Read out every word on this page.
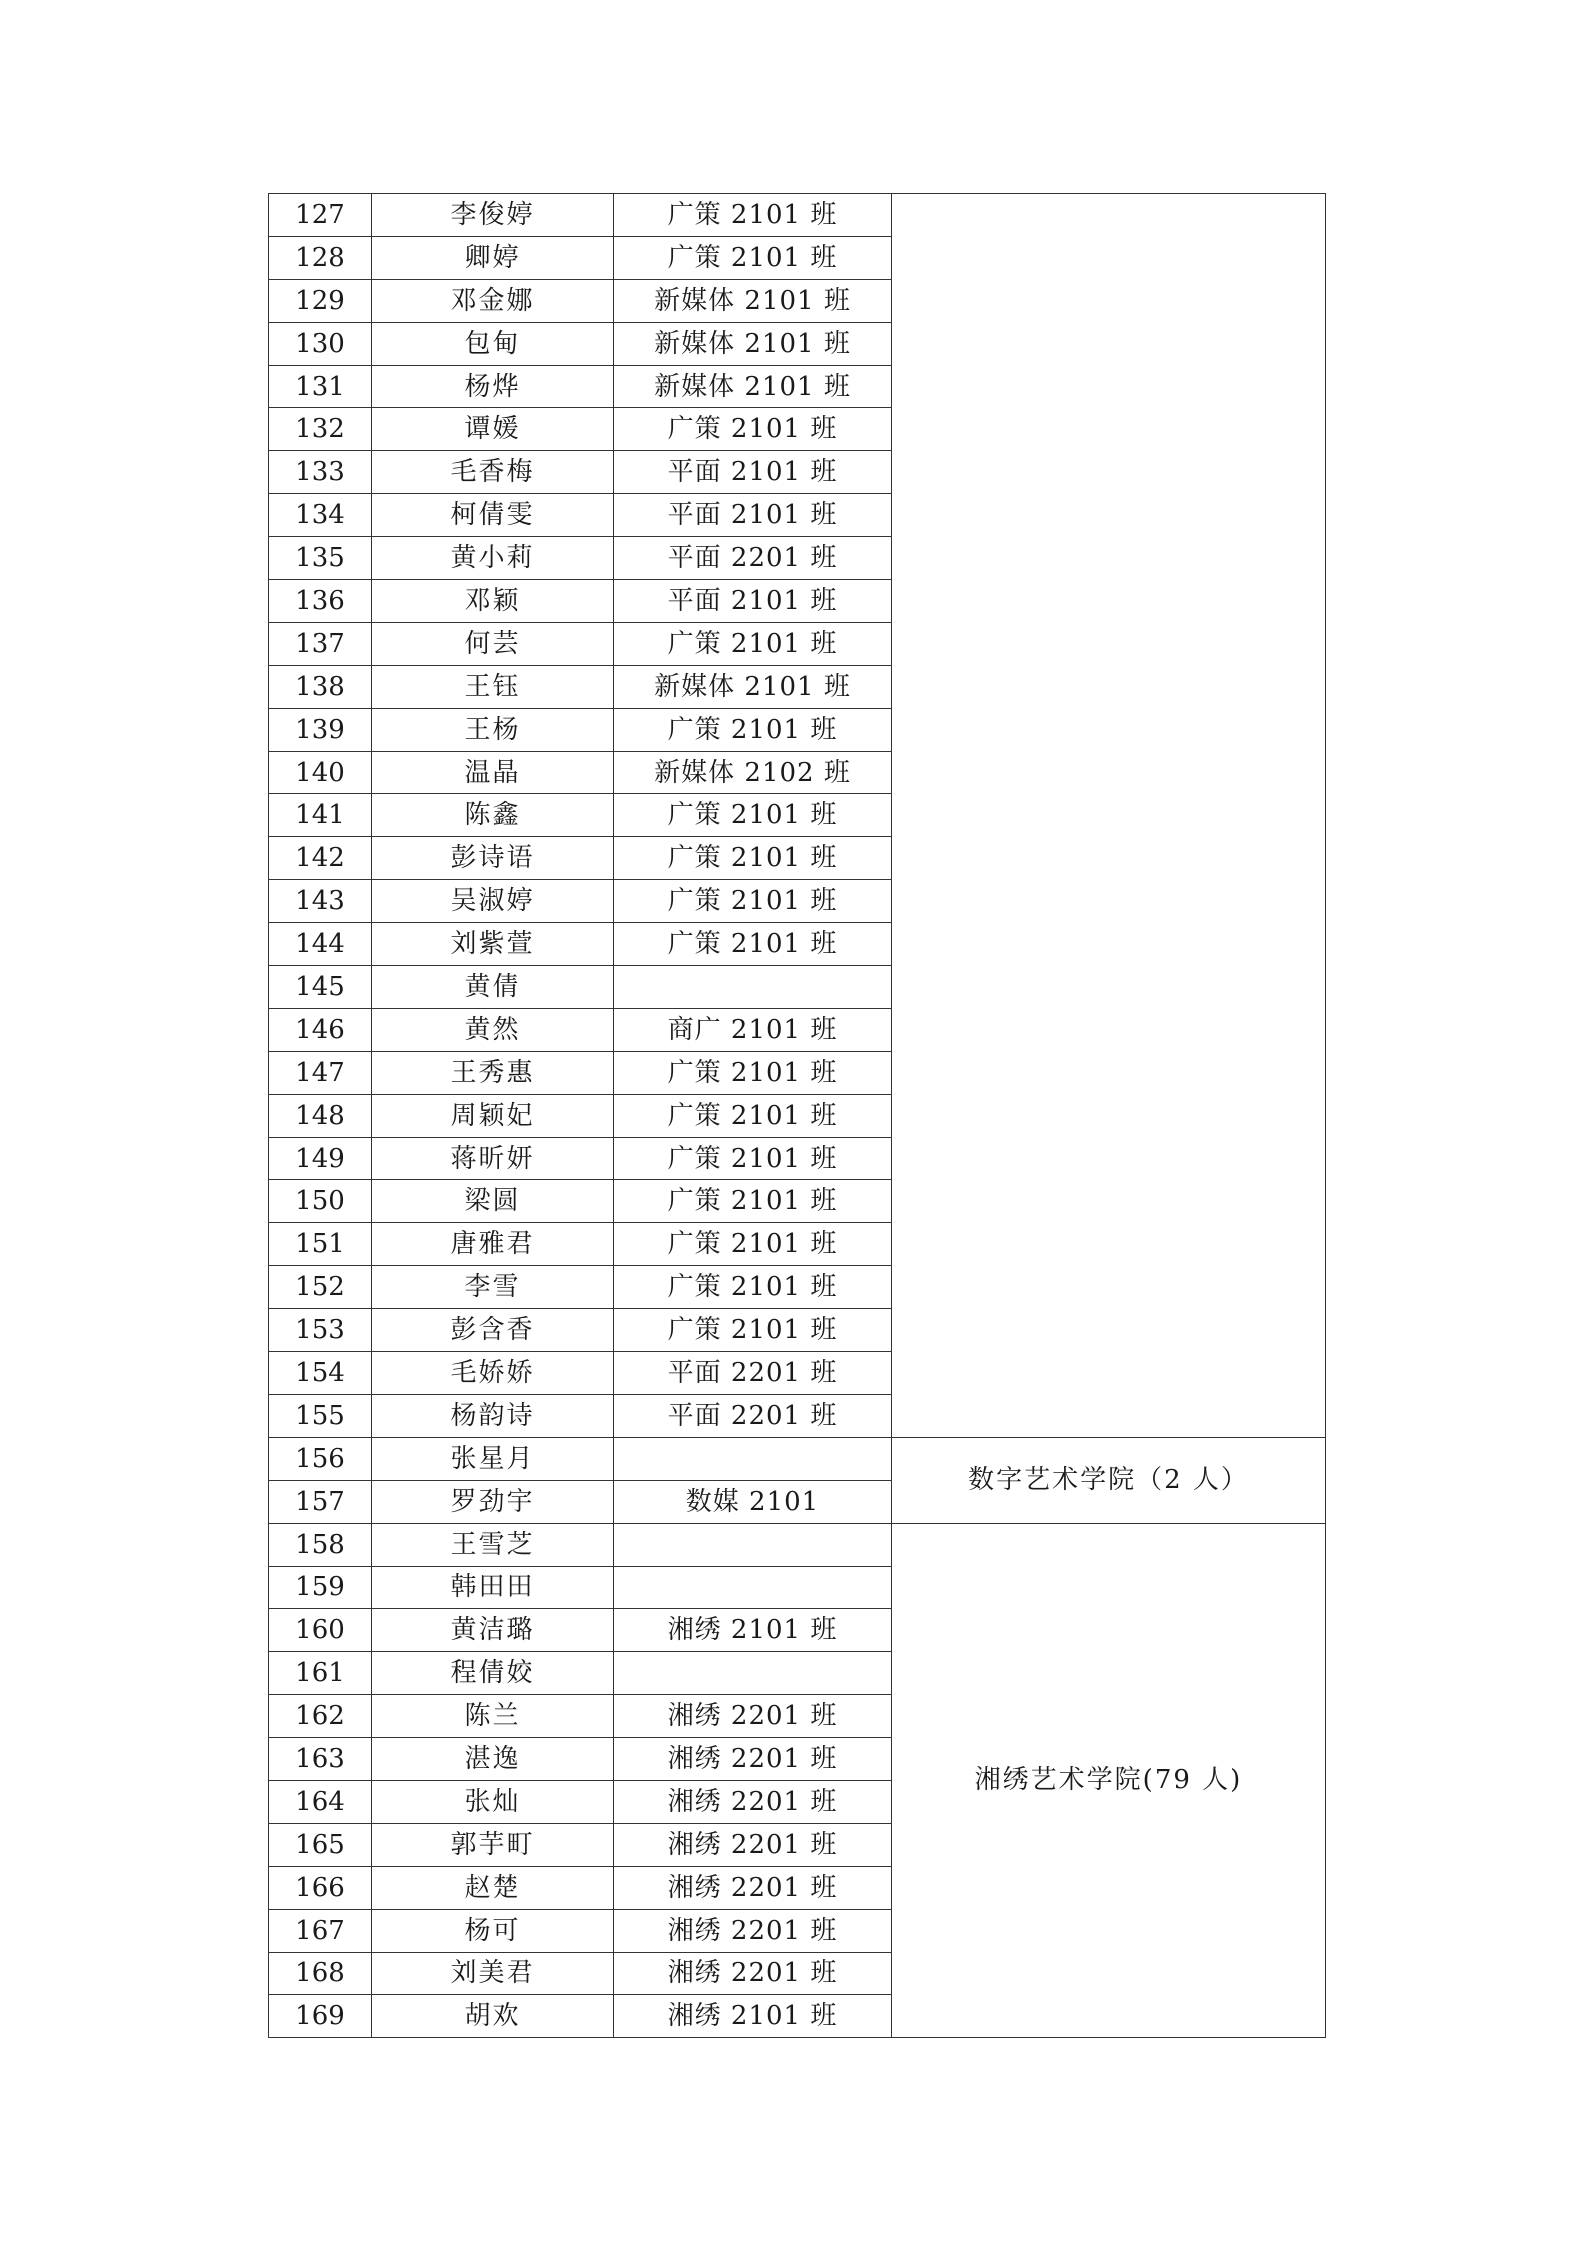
127	李俊婷	广策 2101 班	
128	卿婷	广策 2101 班	
129	邓金娜	新媒体 2101 班	
130	包甸	新媒体 2101 班	
131	杨烨	新媒体 2101 班	
132	谭媛	广策 2101 班	
133	毛香梅	平面 2101 班	
134	柯倩雯	平面 2101 班	
135	黄小莉	平面 2201 班	
136	邓颖	平面 2101 班	
137	何芸	广策 2101 班	
138	王钰	新媒体 2101 班	
139	王杨	广策 2101 班	
140	温晶	新媒体 2102 班	
141	陈鑫	广策 2101 班	
142	彭诗语	广策 2101 班	
143	吴淑婷	广策 2101 班	
144	刘紫萱	广策 2101 班	
145	黄倩		
146	黄然	商广 2101 班	
147	王秀惠	广策 2101 班	
148	周颖妃	广策 2101 班	
149	蒋昕妍	广策 2101 班	
150	梁圆	广策 2101 班	
151	唐雅君	广策 2101 班	
152	李雪	广策 2101 班	
153	彭含香	广策 2101 班	
154	毛娇娇	平面 2201 班	
155	杨韵诗	平面 2201 班	
156	张星月		数字艺术学院（2 人）
157	罗劲宇	数媒 2101	
158	王雪芝		湘绣艺术学院(79 人)
159	韩田田		
160	黄洁璐	湘绣 2101 班	
161	程倩姣		
162	陈兰	湘绣 2201 班	
163	湛逸	湘绣 2201 班	
164	张灿	湘绣 2201 班	
165	郭芋町	湘绣 2201 班	
166	赵楚	湘绣 2201 班	
167	杨可	湘绣 2201 班	
168	刘美君	湘绣 2201 班	
169	胡欢	湘绣 2101 班	
